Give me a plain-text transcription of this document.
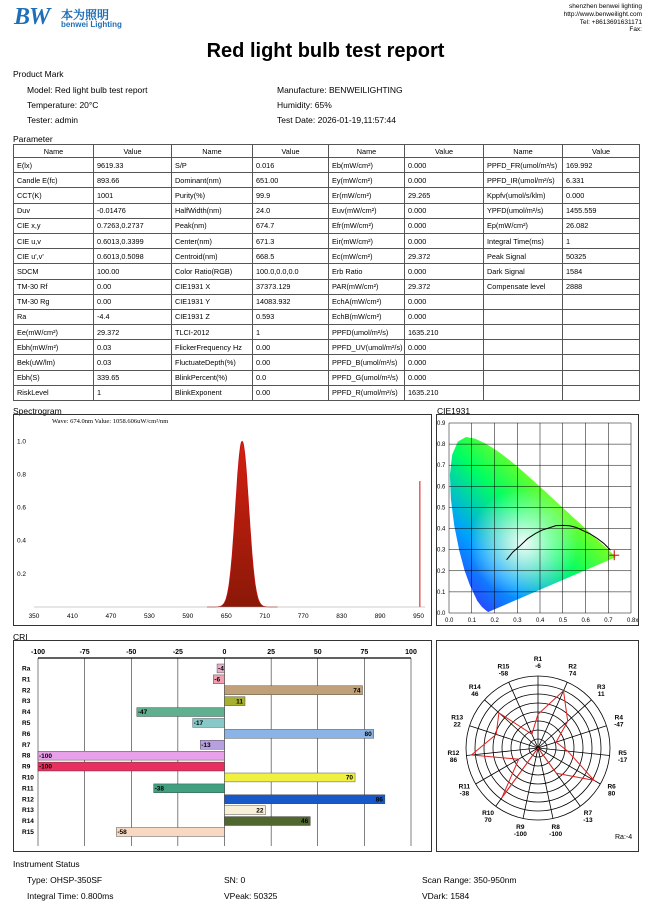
BW 本为照明
benwei Lighting
shenzhen benwei lighting
http://www.benweilight.com
Tel: +8613691631171
Fax:
Red light bulb test report
Product Mark
Model: Red light bulb test report
Temperature: 20°C
Tester: admin
Manufacture: BENWEILIGHTING
Humidity: 65%
Test Date: 2026-01-19,11:57:44
Parameter
Name	Value	Name	Value	Name	Value	Name	Value
E(lx)	9619.33	S/P	0.016	Eb(mW/cm²)	0.000	PPFD_FR(umol/m²/s)	169.992
Candle E(fc)	893.66	Dominant(nm)	651.00	Ey(mW/cm²)	0.000	PPFD_IR(umol/m²/s)	6.331
CCT(K)	1001	Purity(%)	99.9	Er(mW/cm²)	29.265	Kppfv(umol/s/klm)	0.000
Duv	-0.01476	HalfWidth(nm)	24.0	Euv(mW/cm²)	0.000	YPFD(umol/m²/s)	1455.559
CIE x,y	0.7263,0.2737	Peak(nm)	674.7	Efr(mW/cm²)	0.000	Ep(mW/cm²)	26.082
CIE u,v	0.6013,0.3399	Center(nm)	671.3	Eir(mW/cm²)	0.000	Integral Time(ms)	1
CIE u',v'	0.6013,0.5098	Centroid(nm)	668.5	Ec(mW/cm²)	29.372	Peak Signal	50325
SDCM	100.00	Color Ratio(RGB)	100.0,0.0,0.0	Erb Ratio	0.000	Dark Signal	1584
TM-30 Rf	0.00	CIE1931 X	37373.129	PAR(mW/cm²)	29.372	Compensate level	2888
TM-30 Rg	0.00	CIE1931 Y	14083.932	EchA(mW/cm²)	0.000		
Ra	-4.4	CIE1931 Z	0.593	EchB(mW/cm²)	0.000		
Ee(mW/cm²)	29.372	TLCI-2012	1	PPFD(umol/m²/s)	1635.210		
Ebh(mW/m²)	0.03	FlickerFrequency Hz	0.00	PPFD_UV(umol/m²/s)	0.000		
Bek(uW/lm)	0.03	FluctuateDepth(%)	0.00	PPFD_B(umol/m²/s)	0.000		
Ebh(S)	339.65	BlinkPercent(%)	0.0	PPFD_G(umol/m²/s)	0.000		
RiskLevel	1	BlinkExponent	0.00	PPFD_R(umol/m²/s)	1635.210		
Spectrogram
Wave: 674.0nm Value: 1058.606uW/cm²/nm
0.2
0.4
0.6
0.8
1.0
350	410	470	530	590	650	710	770	830	890	950
CIE1931
0.0 0.1 0.2 0.3 0.4 0.5 0.6 0.7 0.8x
0.9
0.8
0.7
0.6
0.5
0.4
0.3
0.2
0.1
0.0
CRI
-100	-75	-50	-25	0	25	50	75	100
Ra	-4
R1	-6
R2	74
R3	11
R4	-47
R5	-17
R6	80
R7	-13
R8 -100
R9 -100
R10	70
R11	-38
R12	86
R13	22
R14	46
R15	-58
R1
-6	R2
74
R3
11
R4
-47
R5
-17
R6
80
R7
-13
R8
-100
R9
-100
R10
70
R11
-38
R12
86
R13
22
R14
46
R15
-58
Ra:-4
Instrument Status
Type: OHSP-350SF
Integral Time: 0.800ms
SN: 0
VPeak: 50325
Scan Range: 350-950nm
VDark: 1584
